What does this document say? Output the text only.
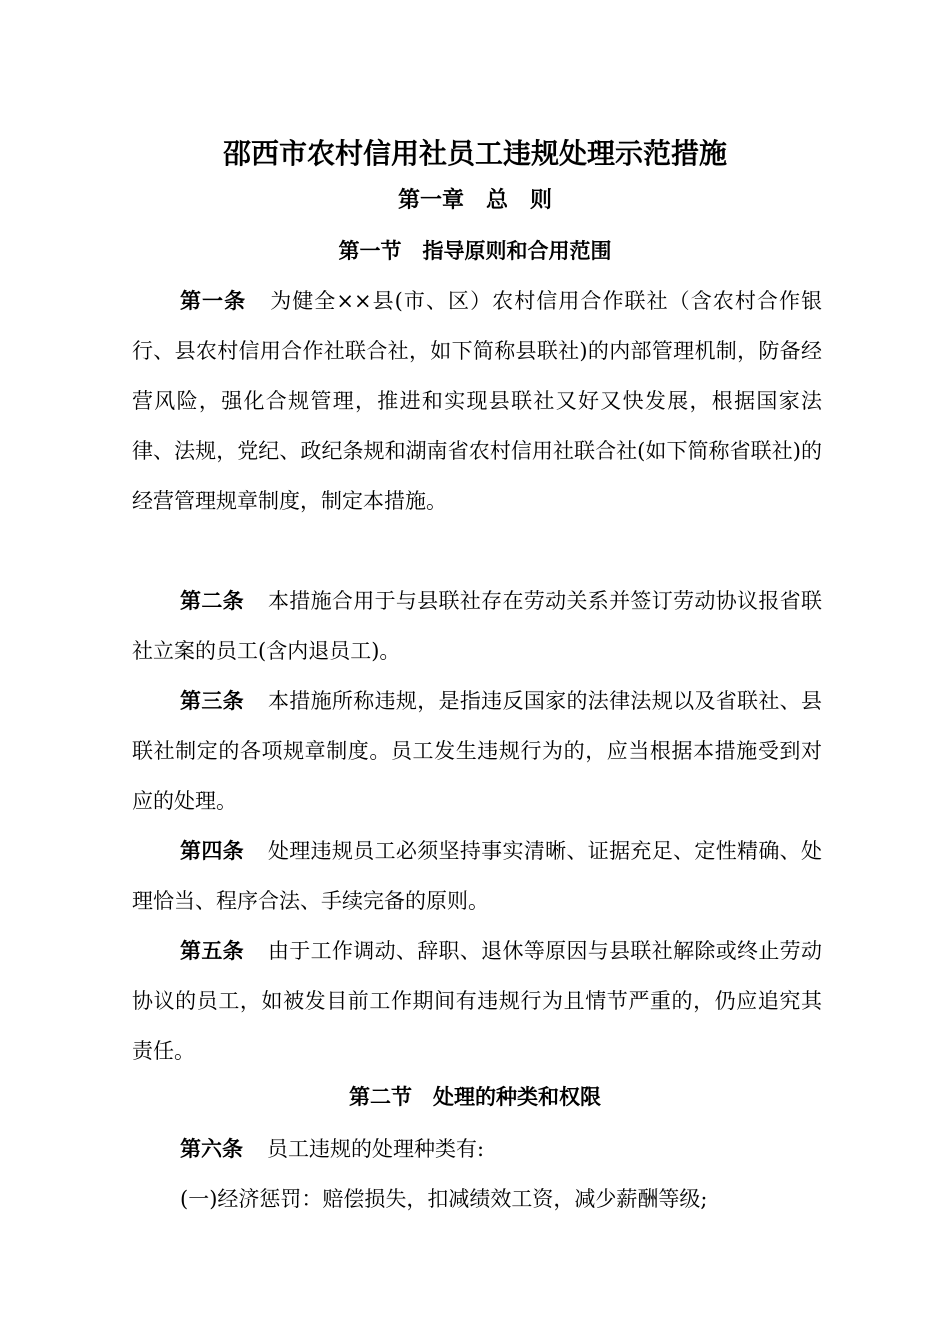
邵西市农村信用社员工违规处理示范措施
第一章　总　则
第一节　指导原则和合用范围

第一条 为健全××县(市、区）农村信用合作联社（含农村合作银行、县农村信用合作社联合社，如下简称县联社)的内部管理机制，防备经营风险，强化合规管理，推进和实现县联社又好又快发展，根据国家法律、法规，党纪、政纪条规和湖南省农村信用社联合社(如下简称省联社)的经营管理规章制度，制定本措施。

第二条 本措施合用于与县联社存在劳动关系并签订劳动协议报省联社立案的员工(含内退员工)。

第三条 本措施所称违规，是指违反国家的法律法规以及省联社、县联社制定的各项规章制度。员工发生违规行为的，应当根据本措施受到对应的处理。

第四条 处理违规员工必须坚持事实清晰、证据充足、定性精确、处理恰当、程序合法、手续完备的原则。

第五条 由于工作调动、辞职、退休等原因与县联社解除或终止劳动协议的员工，如被发目前工作期间有违规行为且情节严重的，仍应追究其责任。

第二节　处理的种类和权限

第六条 员工违规的处理种类有:

(一)经济惩罚：赔偿损失，扣减绩效工资，减少薪酬等级;
